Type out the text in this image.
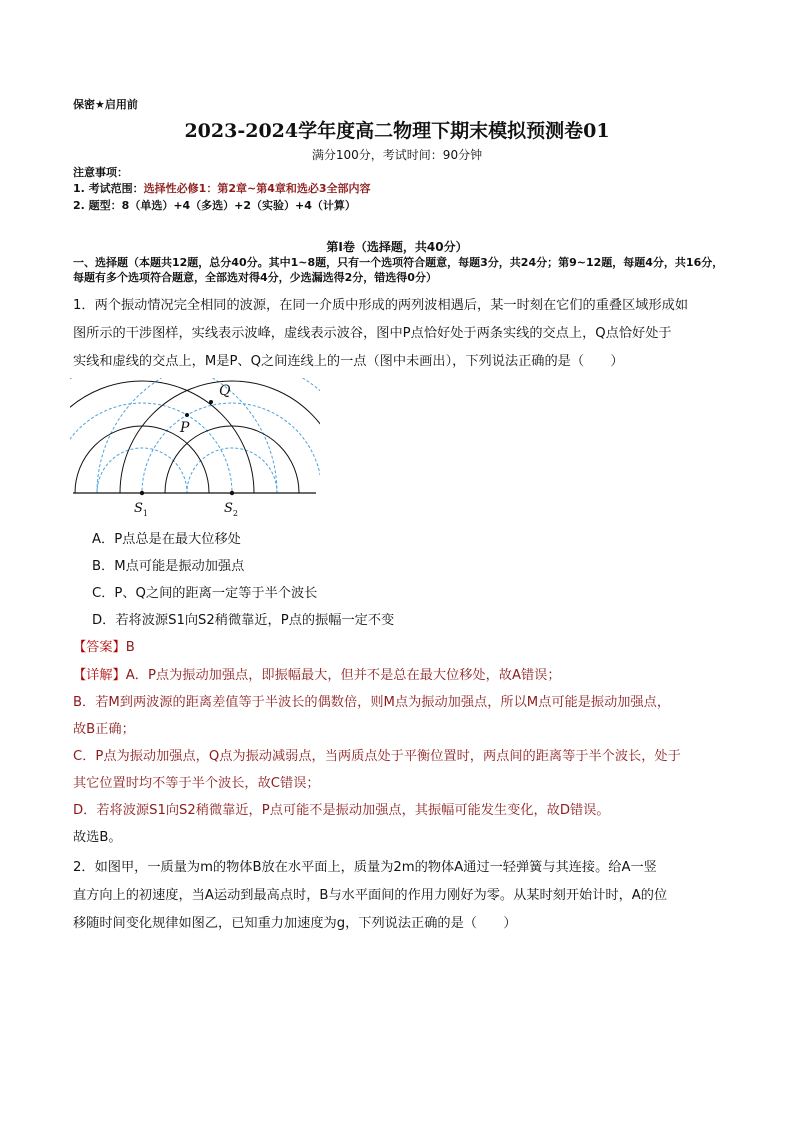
保密★启用前
2023-2024学年度高二物理下期末模拟预测卷01
满分100分，考试时间：90分钟
注意事项：
1. 考试范围：选择性必修1：第2章~第4章和选必3全部内容
2. 题型：8（单选）+4（多选）+2（实验）+4（计算）
第Ⅰ卷（选择题，共40分）
一、选择题（本题共12题，总分40分。其中1~8题，只有一个选项符合题意，每题3分，共24分；第9~12题，每题4分，共16分，每题有多个选项符合题意，全部选对得4分，少选漏选得2分，错选得0分）
1．两个振动情况完全相同的波源，在同一介质中形成的两列波相遇后，某一时刻在它们的重叠区域形成如
图所示的干涉图样，实线表示波峰，虚线表示波谷，图中P点恰好处于两条实线的交点上，Q点恰好处于
实线和虚线的交点上，M是P、Q之间连线上的一点（图中未画出），下列说法正确的是（　　）
Q
P
$S_1$	$S_2$
A．P点总是在最大位移处
B．M点可能是振动加强点
C．P、Q之间的距离一定等于半个波长
D．若将波源S1向S2稍微靠近，P点的振幅一定不变
【答案】B
【详解】A．P点为振动加强点，即振幅最大，但并不是总在最大位移处，故A错误；
B．若M到两波源的距离差值等于半波长的偶数倍，则M点为振动加强点，所以M点可能是振动加强点，
故B正确；
C．P点为振动加强点，Q点为振动减弱点，当两质点处于平衡位置时，两点间的距离等于半个波长，处于
其它位置时均不等于半个波长，故C错误；
D．若将波源S1向S2稍微靠近，P点可能不是振动加强点，其振幅可能发生变化，故D错误。
故选B。
2．如图甲，一质量为m的物体B放在水平面上，质量为2m的物体A通过一轻弹簧与其连接。给A一竖
直方向上的初速度，当A运动到最高点时，B与水平面间的作用力刚好为零。从某时刻开始计时，A的位
移随时间变化规律如图乙，已知重力加速度为g，下列说法正确的是（　　）
